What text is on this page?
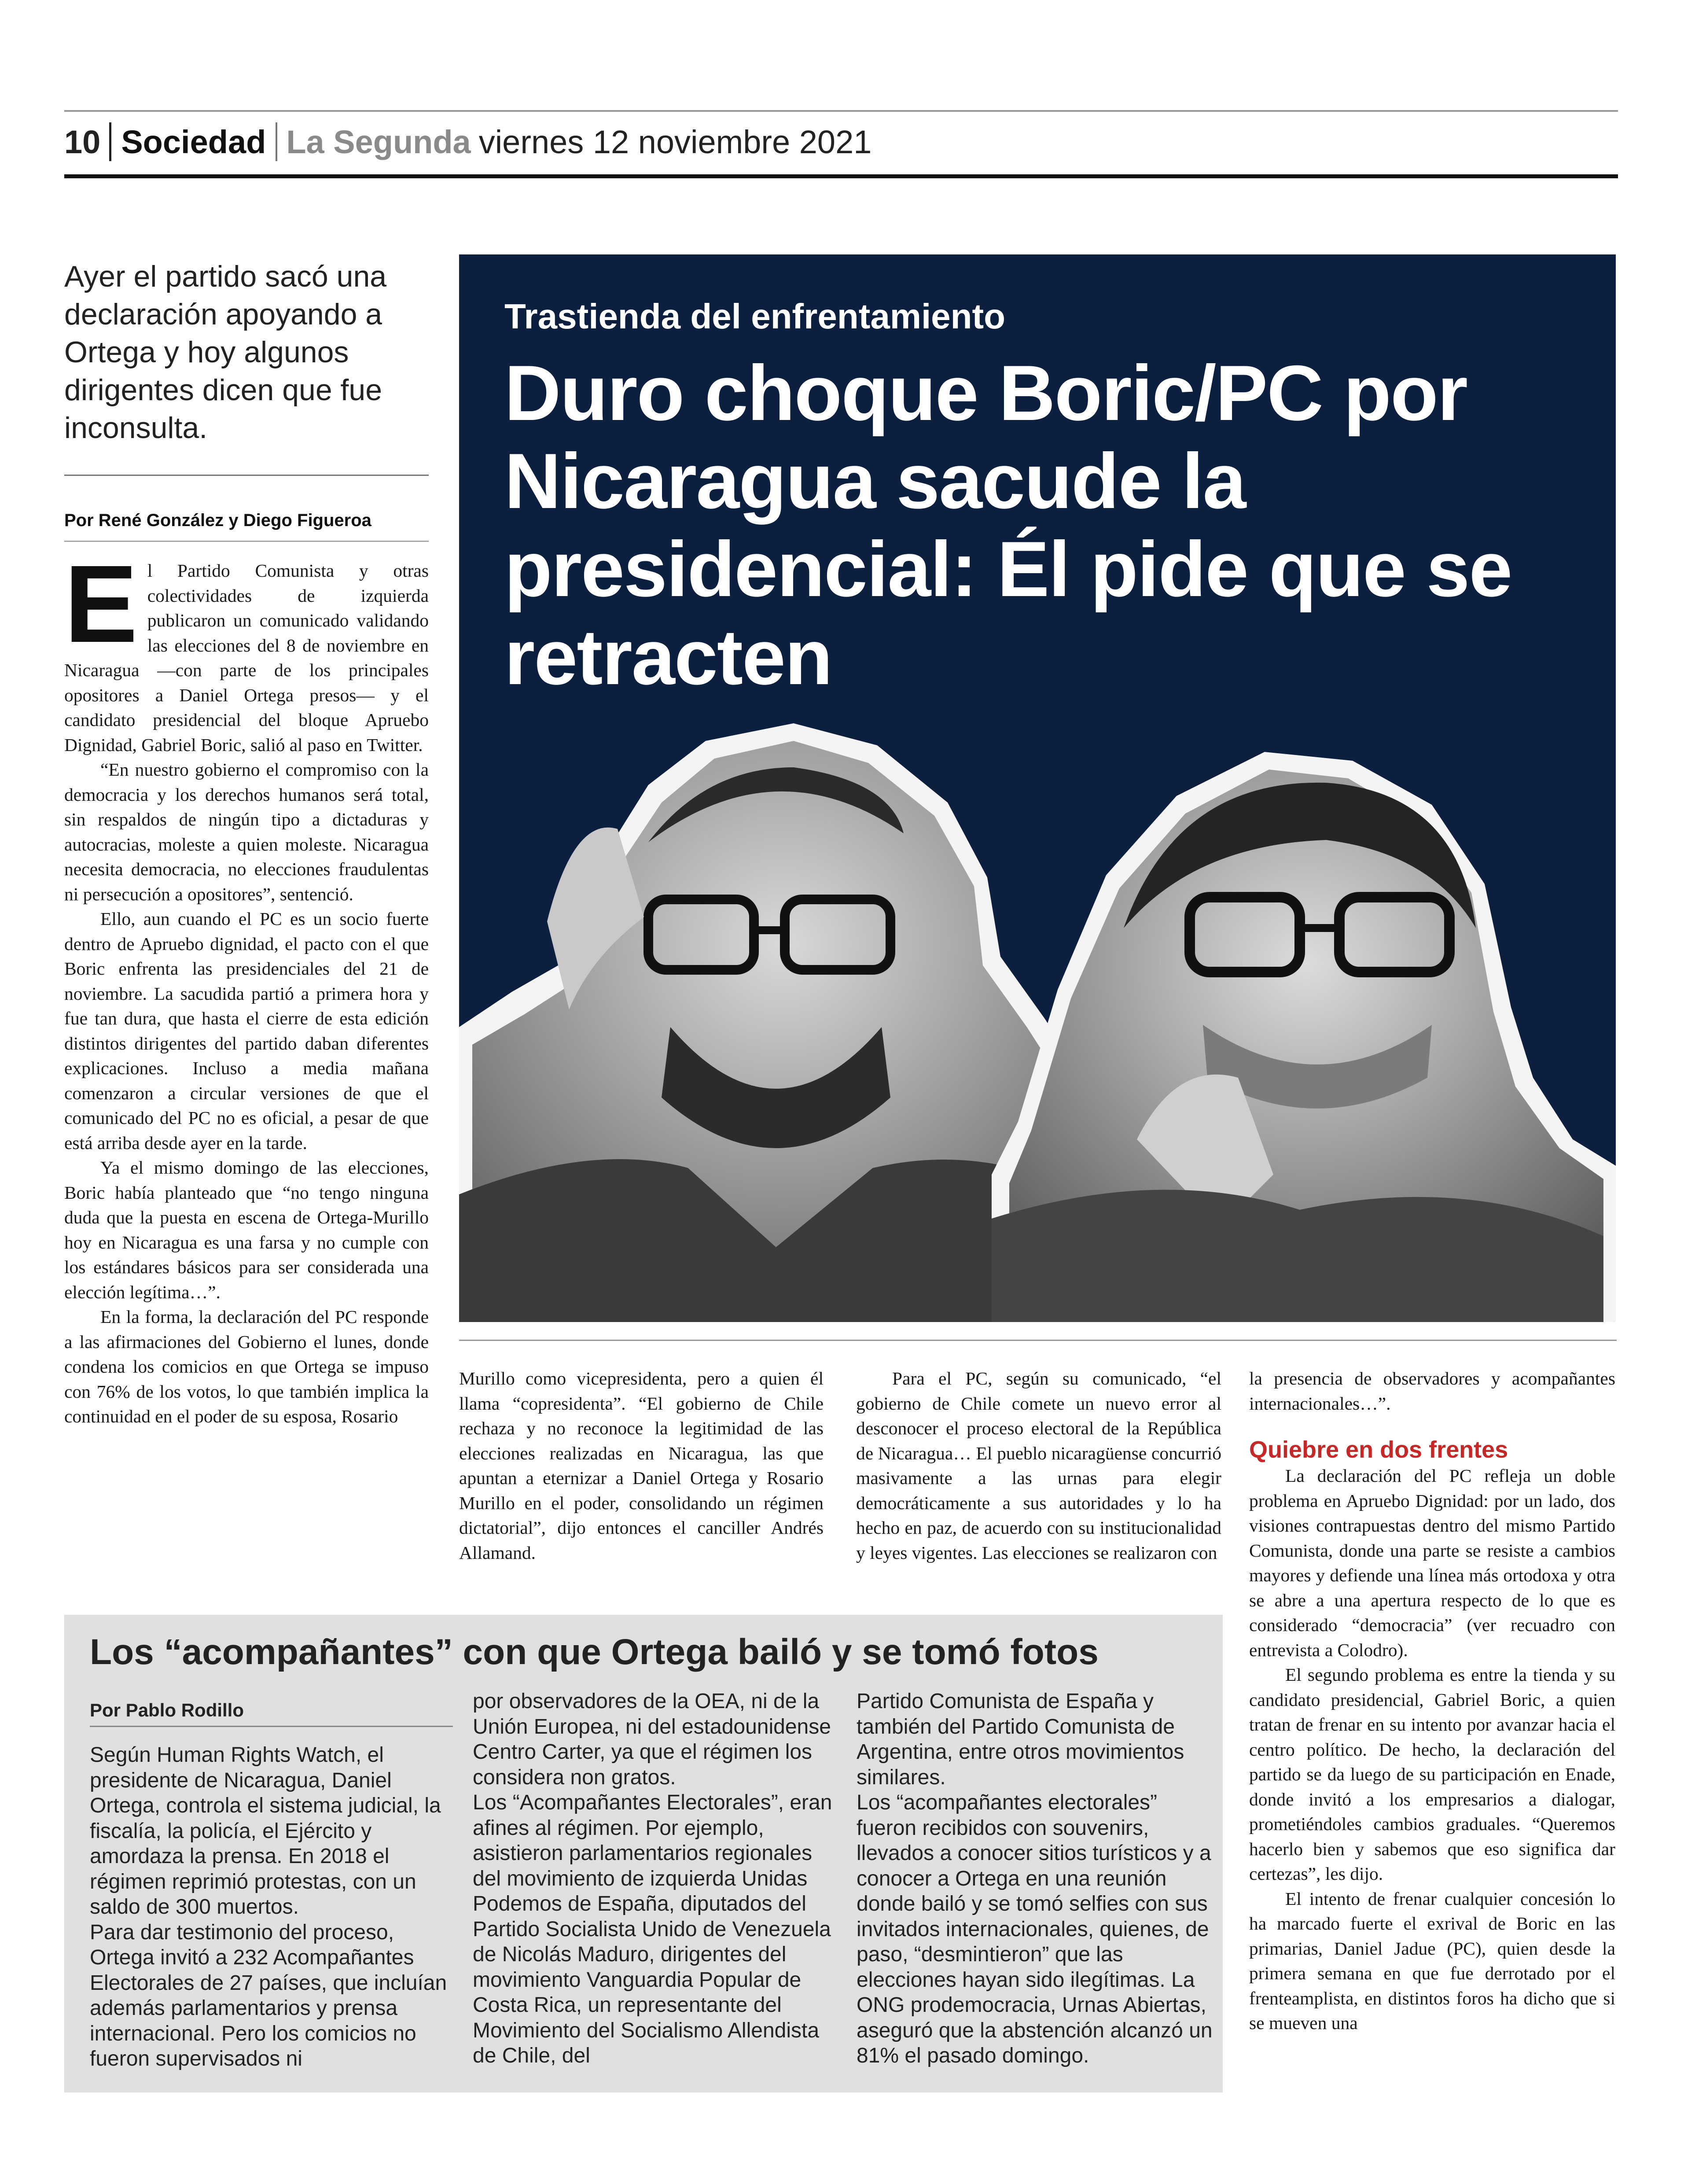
10 Sociedad La Segunda viernes 12 noviembre 2021
Ayer el partido sacó una declaración apoyando a Ortega y hoy algunos dirigentes dicen que fue inconsulta.
Por René González y Diego Figueroa
E l Partido Comunista y otras colectividades de izquierda publicaron un comunicado validando las elecciones del 8 de noviembre en Nicaragua —con parte de los principales opositores a Daniel Ortega presos— y el candidato presidencial del bloque Apruebo Dignidad, Gabriel Boric, salió al paso en Twitter.

“En nuestro gobierno el compromiso con la democracia y los derechos humanos será total, sin respaldos de ningún tipo a dictaduras y autocracias, moleste a quien moleste. Nicaragua necesita democracia, no elecciones fraudulentas ni persecución a opositores”, sentenció.

Ello, aun cuando el PC es un socio fuerte dentro de Apruebo dignidad, el pacto con el que Boric enfrenta las presidenciales del 21 de noviembre. La sacudida partió a primera hora y fue tan dura, que hasta el cierre de esta edición distintos dirigentes del partido daban diferentes explicaciones. Incluso a media mañana comenzaron a circular versiones de que el comunicado del PC no es oficial, a pesar de que está arriba desde ayer en la tarde.

Ya el mismo domingo de las elecciones, Boric había planteado que “no tengo ninguna duda que la puesta en escena de Ortega-Murillo hoy en Nicaragua es una farsa y no cumple con los estándares básicos para ser considerada una elección legítima…”.

En la forma, la declaración del PC responde a las afirmaciones del Gobierno el lunes, donde condena los comicios en que Ortega se impuso con 76% de los votos, lo que también implica la continuidad en el poder de su esposa, Rosario

Trastienda del enfrentamiento
Duro choque Boric/PC por Nicaragua sacude la presidencial: Él pide que se retracten

Murillo como vicepresidenta, pero a quien él llama “copresidenta”. “El gobierno de Chile rechaza y no reconoce la legitimidad de las elecciones realizadas en Nicaragua, las que apuntan a eternizar a Daniel Ortega y Rosario Murillo en el poder, consolidando un régimen dictatorial”, dijo entonces el canciller Andrés Allamand.

Para el PC, según su comunicado, “el gobierno de Chile comete un nuevo error al desconocer el proceso electoral de la República de Nicaragua… El pueblo nicaragüense concurrió masivamente a las urnas para elegir democráticamente a sus autoridades y lo ha hecho en paz, de acuerdo con su institucionalidad y leyes vigentes. Las elecciones se realizaron con

la presencia de observadores y acompañantes internacionales…”.

Quiebre en dos frentes

La declaración del PC refleja un doble problema en Apruebo Dignidad: por un lado, dos visiones contrapuestas dentro del mismo Partido Comunista, donde una parte se resiste a cambios mayores y defiende una línea más ortodoxa y otra se abre a una apertura respecto de lo que es considerado “democracia” (ver recuadro con entrevista a Colodro).

El segundo problema es entre la tienda y su candidato presidencial, Gabriel Boric, a quien tratan de frenar en su intento por avanzar hacia el centro político. De hecho, la declaración del partido se da luego de su participación en Enade, donde invitó a los empresarios a dialogar, prometiéndoles cambios graduales. “Queremos hacerlo bien y sabemos que eso significa dar certezas”, les dijo.

El intento de frenar cualquier concesión lo ha marcado fuerte el exrival de Boric en las primarias, Daniel Jadue (PC), quien desde la primera semana en que fue derrotado por el frenteamplista, en distintos foros ha dicho que si se mueven una

Los “acompañantes” con que Ortega bailó y se tomó fotos
Por Pablo Rodillo

Según Human Rights Watch, el presidente de Nicaragua, Daniel Ortega, controla el sistema judicial, la fiscalía, la policía, el Ejército y amordaza la prensa. En 2018 el régimen reprimió protestas, con un saldo de 300 muertos.

Para dar testimonio del proceso, Ortega invitó a 232 Acompañantes Electorales de 27 países, que incluían además parlamentarios y prensa internacional. Pero los comicios no fueron supervisados ni

por observadores de la OEA, ni de la Unión Europea, ni del estadounidense Centro Carter, ya que el régimen los considera non gratos.

Los “Acompañantes Electorales”, eran afines al régimen. Por ejemplo, asistieron parlamentarios regionales del movimiento de izquierda Unidas Podemos de España, diputados del Partido Socialista Unido de Venezuela de Nicolás Maduro, dirigentes del movimiento Vanguardia Popular de Costa Rica, un representante del Movimiento del Socialismo Allendista de Chile, del

Partido Comunista de España y también del Partido Comunista de Argentina, entre otros movimientos similares.

Los “acompañantes electorales” fueron recibidos con souvenirs, llevados a conocer sitios turísticos y a conocer a Ortega en una reunión donde bailó y se tomó selfies con sus invitados internacionales, quienes, de paso, “desmintieron” que las elecciones hayan sido ilegítimas. La ONG prodemocracia, Urnas Abiertas, aseguró que la abstención alcanzó un 81% el pasado domingo.
